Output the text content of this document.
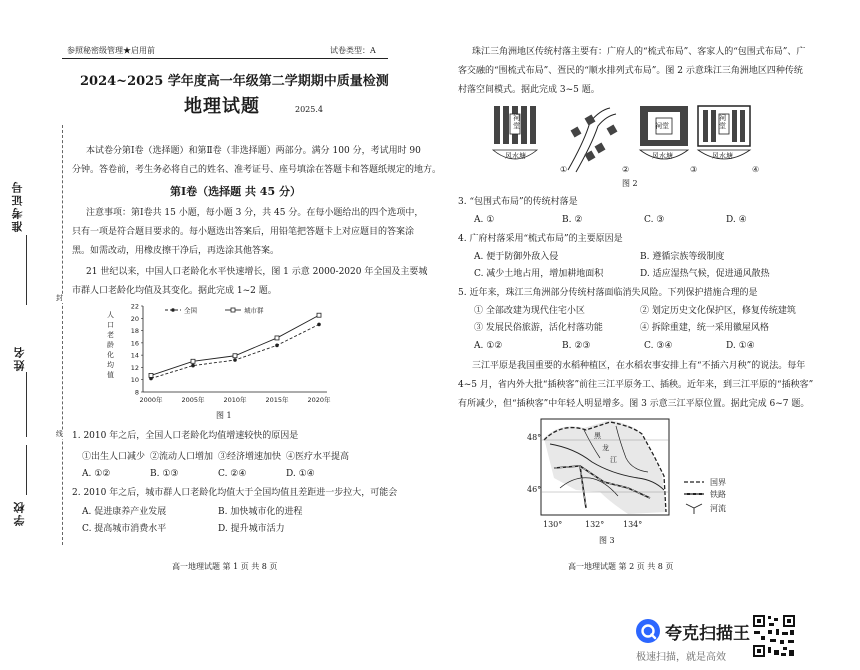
参照秘密级管理★启用前	试卷类型：A
2024~2025 学年度高一年级第二学期期中质量检测
地理试题	2025.4
准考证号
姓名
学校
封
线
本试卷分第Ⅰ卷（选择题）和第Ⅱ卷（非选择题）两部分。满分 100 分，考试用时 90
分钟。答卷前，考生务必将自己的姓名、准考证号、座号填涂在答题卡和答题纸规定的地方。
第Ⅰ卷（选择题 共 45 分）
注意事项：第Ⅰ卷共 15 小题，每小题 3 分，共 45 分。在每小题给出的四个选项中，
只有一项是符合题目要求的。每小题选出答案后，用铅笔把答题卡上对应题目的答案涂
黑。如需改动，用橡皮擦干净后，再选涂其他答案。
21 世纪以来，中国人口老龄化水平快速增长，图 1 示意 2000-2020 年全国及主要城
市群人口老龄化均值及其变化。据此完成 1~2 题。
8
10
12
14
16
18
20
22
2000年	2005年	2010年	2015年	2020年
全国	城市群
人口老龄化均值
图 1
1. 2010 年之后，全国人口老龄化均值增速较快的原因是
①出生人口减少 ②流动人口增加 ③经济增速加快 ④医疗水平提高
A. ①②	B. ①③	C. ②④	D. ①④
2. 2010 年之后，城市群人口老龄化均值大于全国均值且差距进一步拉大，可能会
A. 促进康养产业发展	B. 加快城市化的进程
C. 提高城市消费水平	D. 提升城市活力
高一地理试题 第 1 页 共 8 页
珠江三角洲地区传统村落主要有：广府人的“梳式布局”、客家人的“包围式布局”、广
客交融的“围梳式布局”、疍民的“顺水排列式布局”。图 2 示意珠江三角洲地区四种传统
村落空间模式。据此完成 3~5 题。
祠堂	祠堂
祠堂
风水塘	风水塘	风水塘
①	②	③	④
图 2
3. “包围式布局”的传统村落是
A. ①	B. ②	C. ③	D. ④
4. 广府村落采用“梳式布局”的主要原因是
A. 便于防御外敌入侵	B. 遵循宗族等级制度
C. 减少土地占用，增加耕地面积	D. 适应湿热气候，促进通风散热
5. 近年来，珠江三角洲部分传统村落面临消失风险。下列保护措施合理的是
① 全部改建为现代住宅小区	② 划定历史文化保护区，修复传统建筑
③ 发展民俗旅游，活化村落功能	④ 拆除重建，统一采用徽屋风格
A. ①②	B. ②③	C. ③④	D. ①④
三江平原是我国重要的水稻种植区，在水稻农事安排上有“不插六月秧”的说法。每年
4~5 月，省内外大批“插秧客”前往三江平原务工、插秧。近年来，到三江平原的“插秧客”
有所减少，但“插秧客”中年轻人明显增多。图 3 示意三江平原位置。据此完成 6~7 题。
48°
46°
130°	132° 134°
黑
龙
江
国界
铁路
河流
图 3
高一地理试题 第 2 页 共 8 页
夸克扫描王
极速扫描，就是高效
